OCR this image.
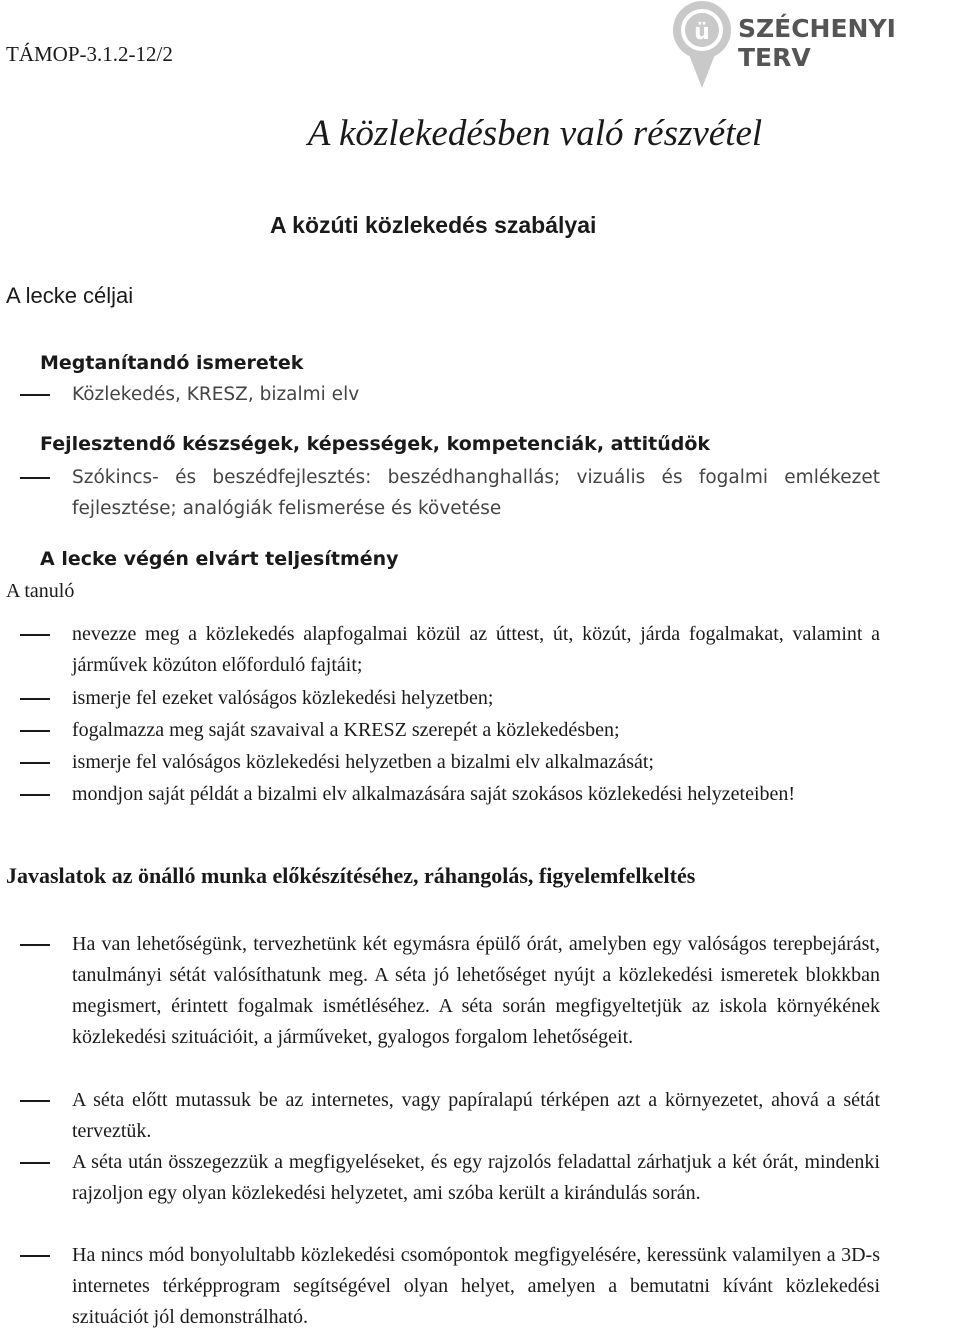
TÁMOP-3.1.2-12/2
ü SZÉCHENYI TERV
A közlekedésben való részvétel
A közúti közlekedés szabályai
A lecke céljai
Megtanítandó ismeretek
Közlekedés, KRESZ, bizalmi elv
Fejlesztendő készségek, képességek, kompetenciák, attitűdök
Szókincs- és beszédfejlesztés: beszédhanghallás; vizuális és fogalmi emlékezet fejlesztése; analógiák felismerése és követése
A lecke végén elvárt teljesítmény
A tanuló
nevezze meg a közlekedés alapfogalmai közül az úttest, út, közút, járda fogalmakat, valamint a járművek közúton előforduló fajtáit;
ismerje fel ezeket valóságos közlekedési helyzetben;
fogalmazza meg saját szavaival a KRESZ szerepét a közlekedésben;
ismerje fel valóságos közlekedési helyzetben a bizalmi elv alkalmazását;
mondjon saját példát a bizalmi elv alkalmazására saját szokásos közlekedési helyzeteiben!
Javaslatok az önálló munka előkészítéséhez, ráhangolás, figyelemfelkeltés
Ha van lehetőségünk, tervezhetünk két egymásra épülő órát, amelyben egy valóságos terepbejárást, tanulmányi sétát valósíthatunk meg. A séta jó lehetőséget nyújt a közlekedési ismeretek blokkban megismert, érintett fogalmak ismétléséhez. A séta során megfigyeltetjük az iskola környékének közlekedési szituációit, a járműveket, gyalogos forgalom lehetőségeit.
A séta előtt mutassuk be az internetes, vagy papíralapú térképen azt a környezetet, ahová a sétát terveztük.
A séta után összegezzük a megfigyeléseket, és egy rajzolós feladattal zárhatjuk a két órát, mindenki rajzoljon egy olyan közlekedési helyzetet, ami szóba került a kirándulás során.
Ha nincs mód bonyolultabb közlekedési csomópontok megfigyelésére, keressünk valamilyen a 3D-s internetes térképprogram segítségével olyan helyet, amelyen a bemutatni kívánt közlekedési szituációt jól demonstrálható.
